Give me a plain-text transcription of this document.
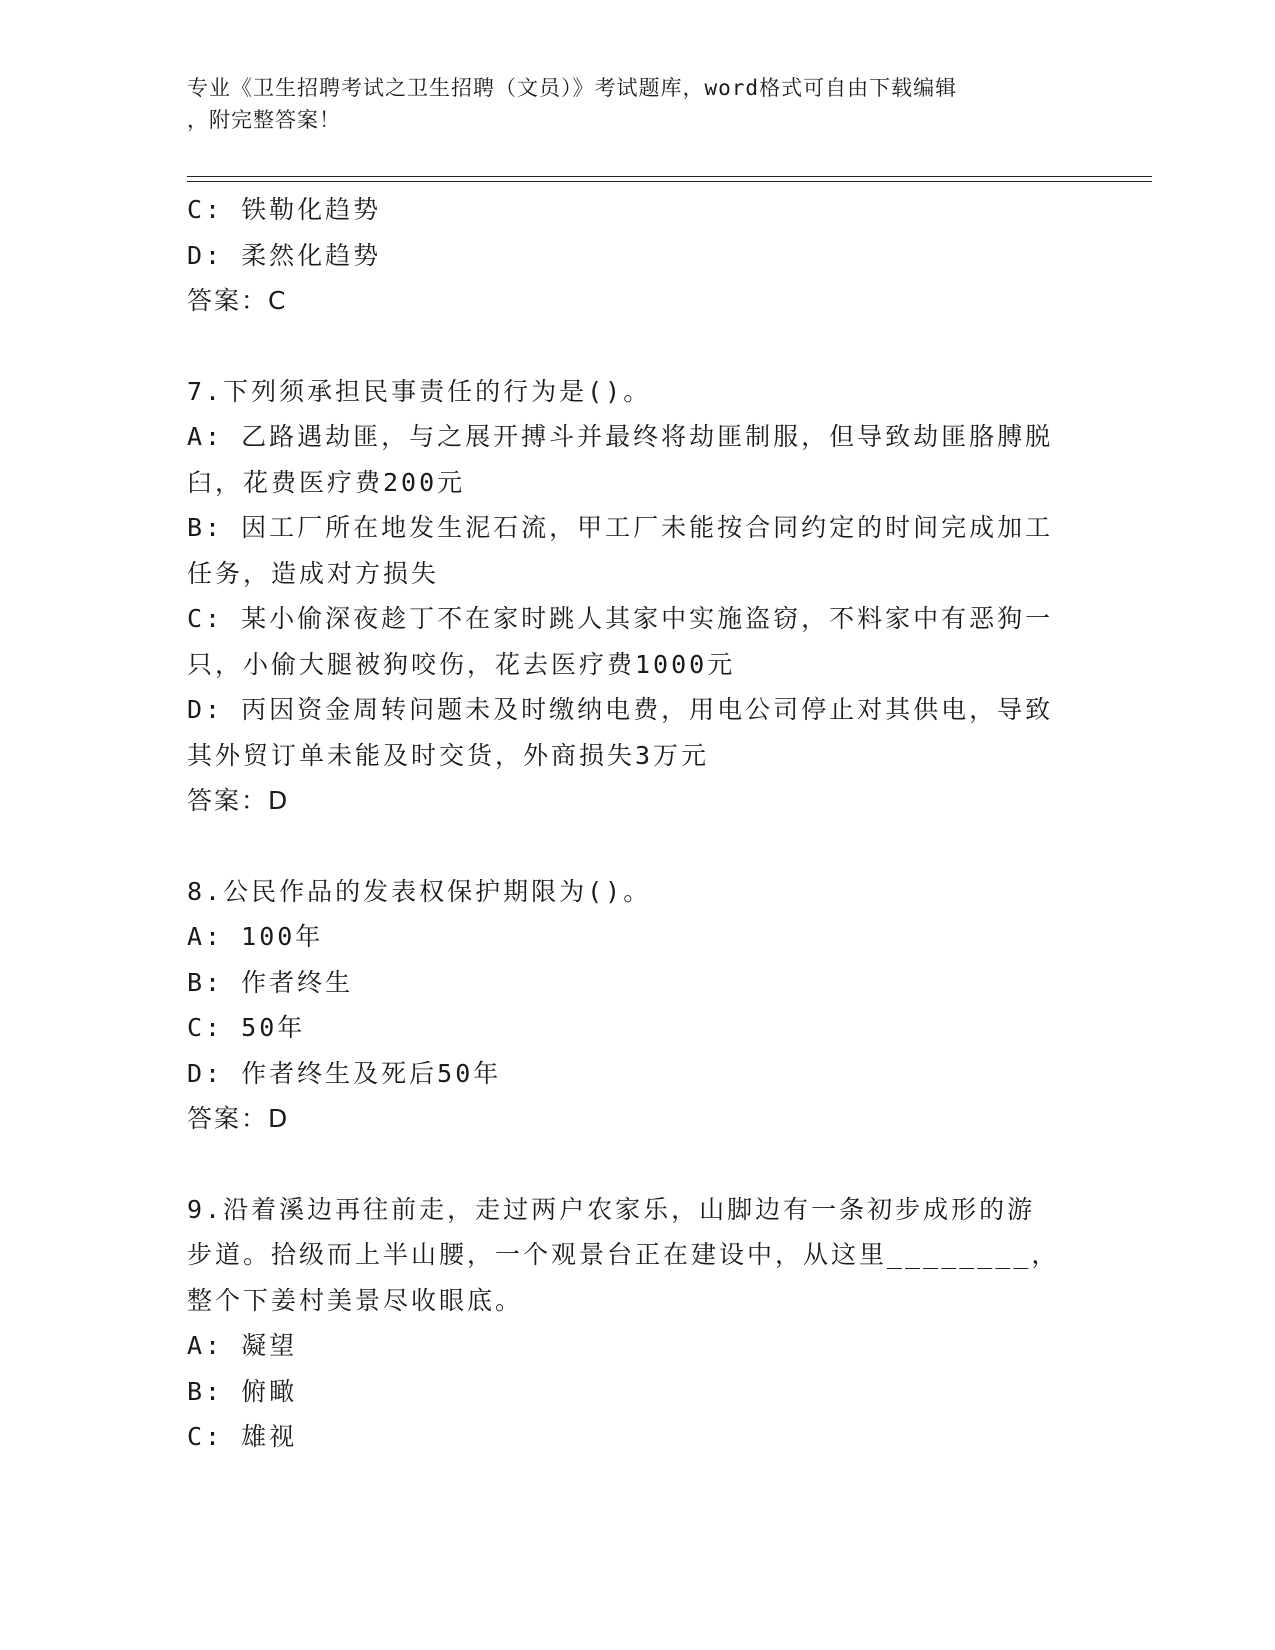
专业《卫生招聘考试之卫生招聘（文员）》考试题库，word格式可自由下载编辑
，附完整答案！
C: 铁勒化趋势
D: 柔然化趋势
答案：C
7.下列须承担民事责任的行为是()。
A: 乙路遇劫匪，与之展开搏斗并最终将劫匪制服，但导致劫匪胳膊脱
臼，花费医疗费200元
B: 因工厂所在地发生泥石流，甲工厂未能按合同约定的时间完成加工
任务，造成对方损失
C: 某小偷深夜趁丁不在家时跳人其家中实施盗窃，不料家中有恶狗一
只，小偷大腿被狗咬伤，花去医疗费1000元
D: 丙因资金周转问题未及时缴纳电费，用电公司停止对其供电，导致
其外贸订单未能及时交货，外商损失3万元
答案：D
8.公民作品的发表权保护期限为()。
A: 100年
B: 作者终生
C: 50年
D: 作者终生及死后50年
答案：D
9.沿着溪边再往前走，走过两户农家乐，山脚边有一条初步成形的游
步道。拾级而上半山腰，一个观景台正在建设中，从这里________，
整个下姜村美景尽收眼底。
A: 凝望
B: 俯瞰
C: 雄视
